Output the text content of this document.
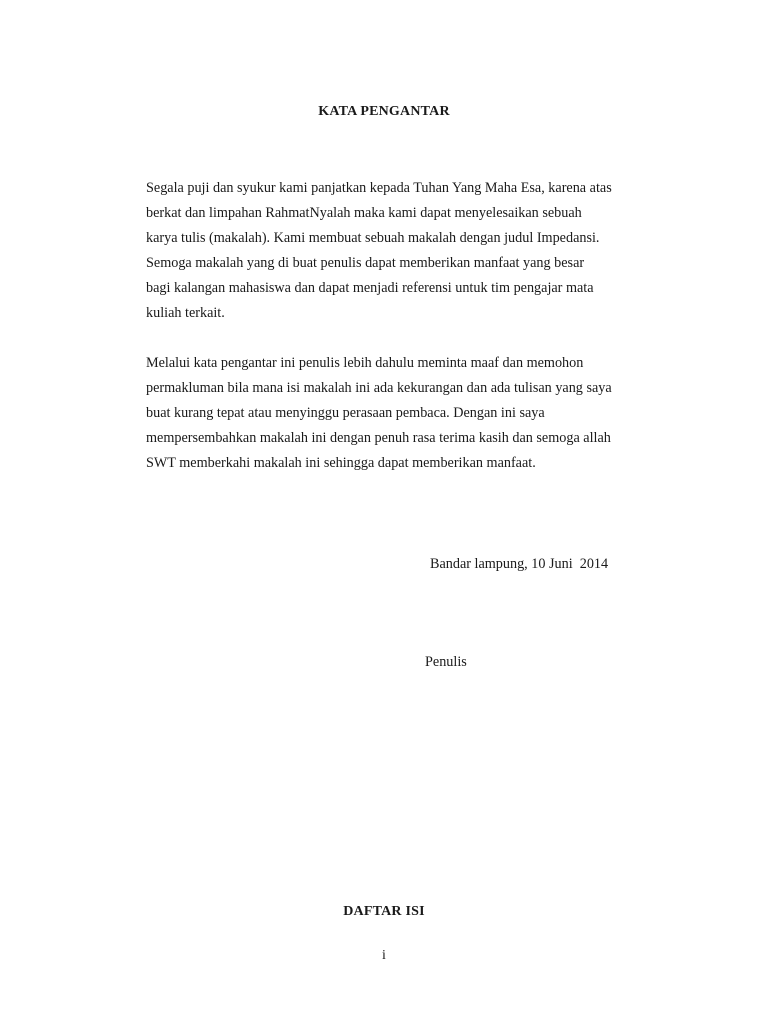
KATA PENGANTAR
Segala puji dan syukur kami panjatkan kepada Tuhan Yang Maha Esa, karena atas
berkat dan limpahan RahmatNyalah maka kami dapat menyelesaikan sebuah
karya tulis (makalah). Kami membuat sebuah makalah dengan judul Impedansi.
Semoga makalah yang di buat penulis dapat memberikan manfaat yang besar
bagi kalangan mahasiswa dan dapat menjadi referensi untuk tim pengajar mata
kuliah terkait.
Melalui kata pengantar ini penulis lebih dahulu meminta maaf dan memohon
permakluman bila mana isi makalah ini ada kekurangan dan ada tulisan yang saya
buat kurang tepat atau menyinggu perasaan pembaca. Dengan ini saya
mempersembahkan makalah ini dengan penuh rasa terima kasih dan semoga allah
SWT memberkahi makalah ini sehingga dapat memberikan manfaat.
Bandar lampung, 10 Juni  2014
Penulis
DAFTAR ISI
i
